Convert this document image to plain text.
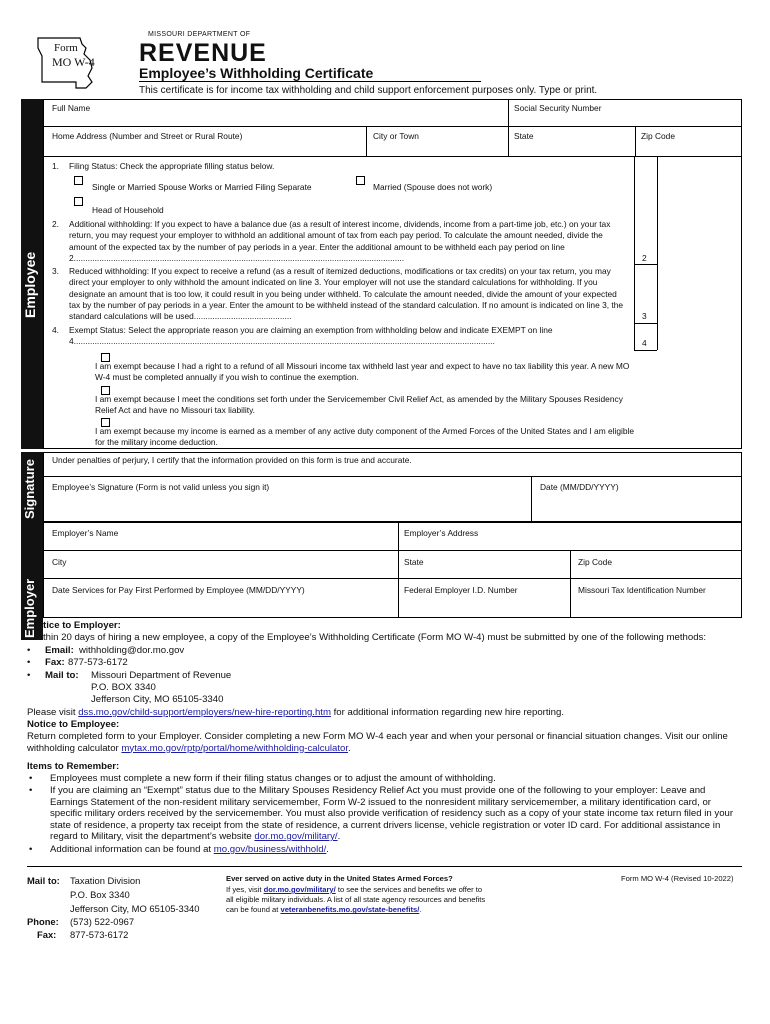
Form
MO W-4
MISSOURI DEPARTMENT OF
REVENUE
Employee’s Withholding Certificate
This certificate is for income tax withholding and child support enforcement purposes only. Type or print.
Employee
Full Name	Social Security Number
Home Address (Number and Street or Rural Route)	City or Town	State	Zip Code
1. Filing Status: Check the appropriate filling status below.
Single or Married Spouse Works or Married Filing Separate	Married (Spouse does not work)
Head of Household
2. Additional withholding: If you expect to have a balance due (as a result of interest income, dividends, income from a part-time job, etc.) on your tax return, you may request your employer to withhold an additional amount of tax from each pay period. To calculate the amount needed, divide the amount of the expected tax by the number of pay periods in a year. Enter the additional amount to be withheld each pay period on line 2..............................................................................................................................................	2
3. Reduced withholding: If you expect to receive a refund (as a result of itemized deductions, modifications or tax credits) on your tax return, you may direct your employer to only withhold the amount indicated on line 3. Your employer will not use the standard calculations for withholding. If you designate an amount that is too low, it could result in you being under withheld. To calculate the amount needed, divide the amount of your expected tax by the number of pay periods in a year. Enter the amount to be withheld instead of the standard calculation. If no amount is indicated on line 3, the standard calculations will be used..........................................	3
4. Exempt Status: Select the appropriate reason you are claiming an exemption from withholding below and indicate EXEMPT on line 4.....................................................................................................................................................................................	4
I am exempt because I had a right to a refund of all Missouri income tax withheld last year and expect to have no tax liability this year. A new MO W-4 must be completed annually if you wish to continue the exemption.
I am exempt because I meet the conditions set forth under the Servicemember Civil Relief Act, as amended by the Military Spouses Residency Relief Act and have no Missouri tax liability.
I am exempt because my income is earned as a member of any active duty component of the Armed Forces of the United States and I am eligible for the military income deduction.
Signature Under penalties of perjury, I certify that the information provided on this form is true and accurate.
Employee’s Signature (Form is not valid unless you sign it)	Date (MM/DD/YYYY)
Employer
Employer’s Name	Employer’s Address
City	State	Zip Code
Date Services for Pay First Performed by Employee (MM/DD/YYYY)	Federal Employer I.D. Number	Missouri Tax Identification Number
tice to Employer:
thin 20 days of hiring a new employee, a copy of the Employee’s Withholding Certificate (Form MO W-4) must be submitted by one of the following methods:
• Email: withholding@dor.mo.gov
• Fax: 877-573-6172
• Mail to: Missouri Department of Revenue
P.O. BOX 3340
Jefferson City, MO 65105-3340
Please visit dss.mo.gov/child-support/employers/new-hire-reporting.htm for additional information regarding new hire reporting.
Notice to Employee:
Return completed form to your Employer. Consider completing a new Form MO W-4 each year and when your personal or financial situation changes. Visit our online withholding calculator mytax.mo.gov/rptp/portal/home/withholding-calculator.
Items to Remember:
• Employees must complete a new form if their filing status changes or to adjust the amount of withholding.
• If you are claiming an “Exempt” status due to the Military Spouses Residency Relief Act you must provide one of the following to your employer: Leave and Earnings Statement of the non-resident military servicemember, Form W-2 issued to the nonresident military servicemember, a military identification card, or specific military orders received by the servicemember. You must also provide verification of residency such as a copy of your state income tax return filed in your state of residence, a property tax receipt from the state of residence, a current drivers license, vehicle registration or voter ID card. For additional assistance in regard to Military, visit the department’s website dor.mo.gov/military/.
• Additional information can be found at mo.gov/business/withhold/.
Mail to: Taxation Division
P.O. Box 3340
Jefferson City, MO 65105-3340
Phone: (573) 522-0967
Fax: 877-573-6172
Ever served on active duty in the United States Armed Forces?
If yes, visit dor.mo.gov/military/ to see the services and benefits we offer to all eligible military individuals. A list of all state agency resources and benefits can be found at veteranbenefits.mo.gov/state-benefits/.
Form MO W-4 (Revised 10-2022)
